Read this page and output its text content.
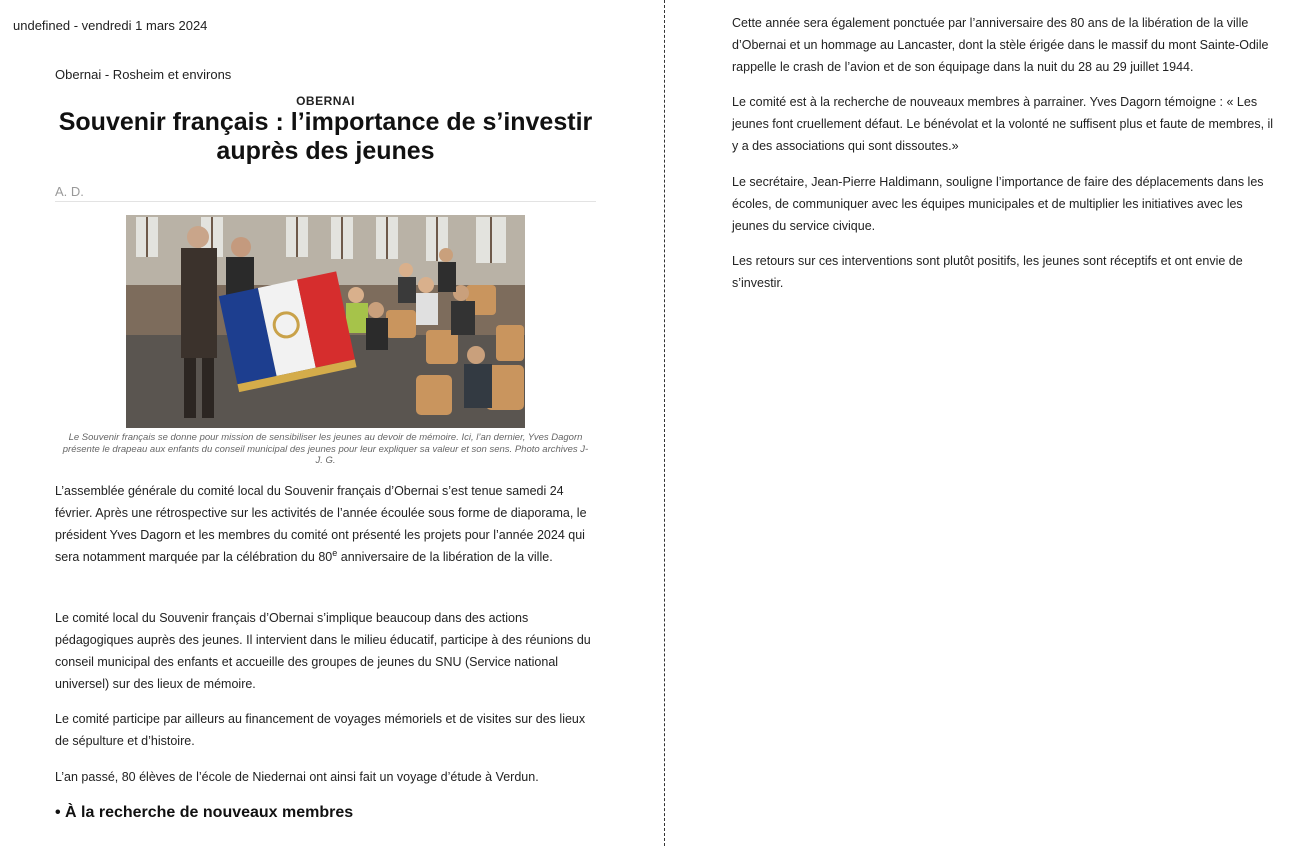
undefined - vendredi 1 mars 2024
Obernai - Rosheim et environs
OBERNAI
Souvenir français : l’importance de s’investir auprès des jeunes
A. D.
Le Souvenir français se donne pour mission de sensibiliser les jeunes au devoir de mémoire. Ici, l’an dernier, Yves Dagorn présente le drapeau aux enfants du conseil municipal des jeunes pour leur expliquer sa valeur et son sens. Photo archives J-J. G.

L’assemblée générale du comité local du Souvenir français d’Obernai s’est tenue samedi 24 février. Après une rétrospective sur les activités de l’année écoulée sous forme de diaporama, le président Yves Dagorn et les membres du comité ont présenté les projets pour l’année 2024 qui sera notamment marquée par la célébration du 80e anniversaire de la libération de la ville.

Le comité local du Souvenir français d’Obernai s’implique beaucoup dans des actions pédagogiques auprès des jeunes. Il intervient dans le milieu éducatif, participe à des réunions du conseil municipal des enfants et accueille des groupes de jeunes du SNU (Service national universel) sur des lieux de mémoire.

Le comité participe par ailleurs au financement de voyages mémoriels et de visites sur des lieux de sépulture et d’histoire.

L’an passé, 80 élèves de l’école de Niedernai ont ainsi fait un voyage d’étude à Verdun.

• À la recherche de nouveaux membres

Cette année sera également ponctuée par l’anniversaire des 80 ans de la libération de la ville d’Obernai et un hommage au Lancaster, dont la stèle érigée dans le massif du mont Sainte-Odile rappelle le crash de l’avion et de son équipage dans la nuit du 28 au 29 juillet 1944.

Le comité est à la recherche de nouveaux membres à parrainer. Yves Dagorn témoigne : « Les jeunes font cruellement défaut. Le bénévolat et la volonté ne suffisent plus et faute de membres, il y a des associations qui sont dissoutes.»

Le secrétaire, Jean-Pierre Haldimann, souligne l’importance de faire des déplacements dans les écoles, de communiquer avec les équipes municipales et de multiplier les initiatives avec les jeunes du service civique.

Les retours sur ces interventions sont plutôt positifs, les jeunes sont réceptifs et ont envie de s’investir.
